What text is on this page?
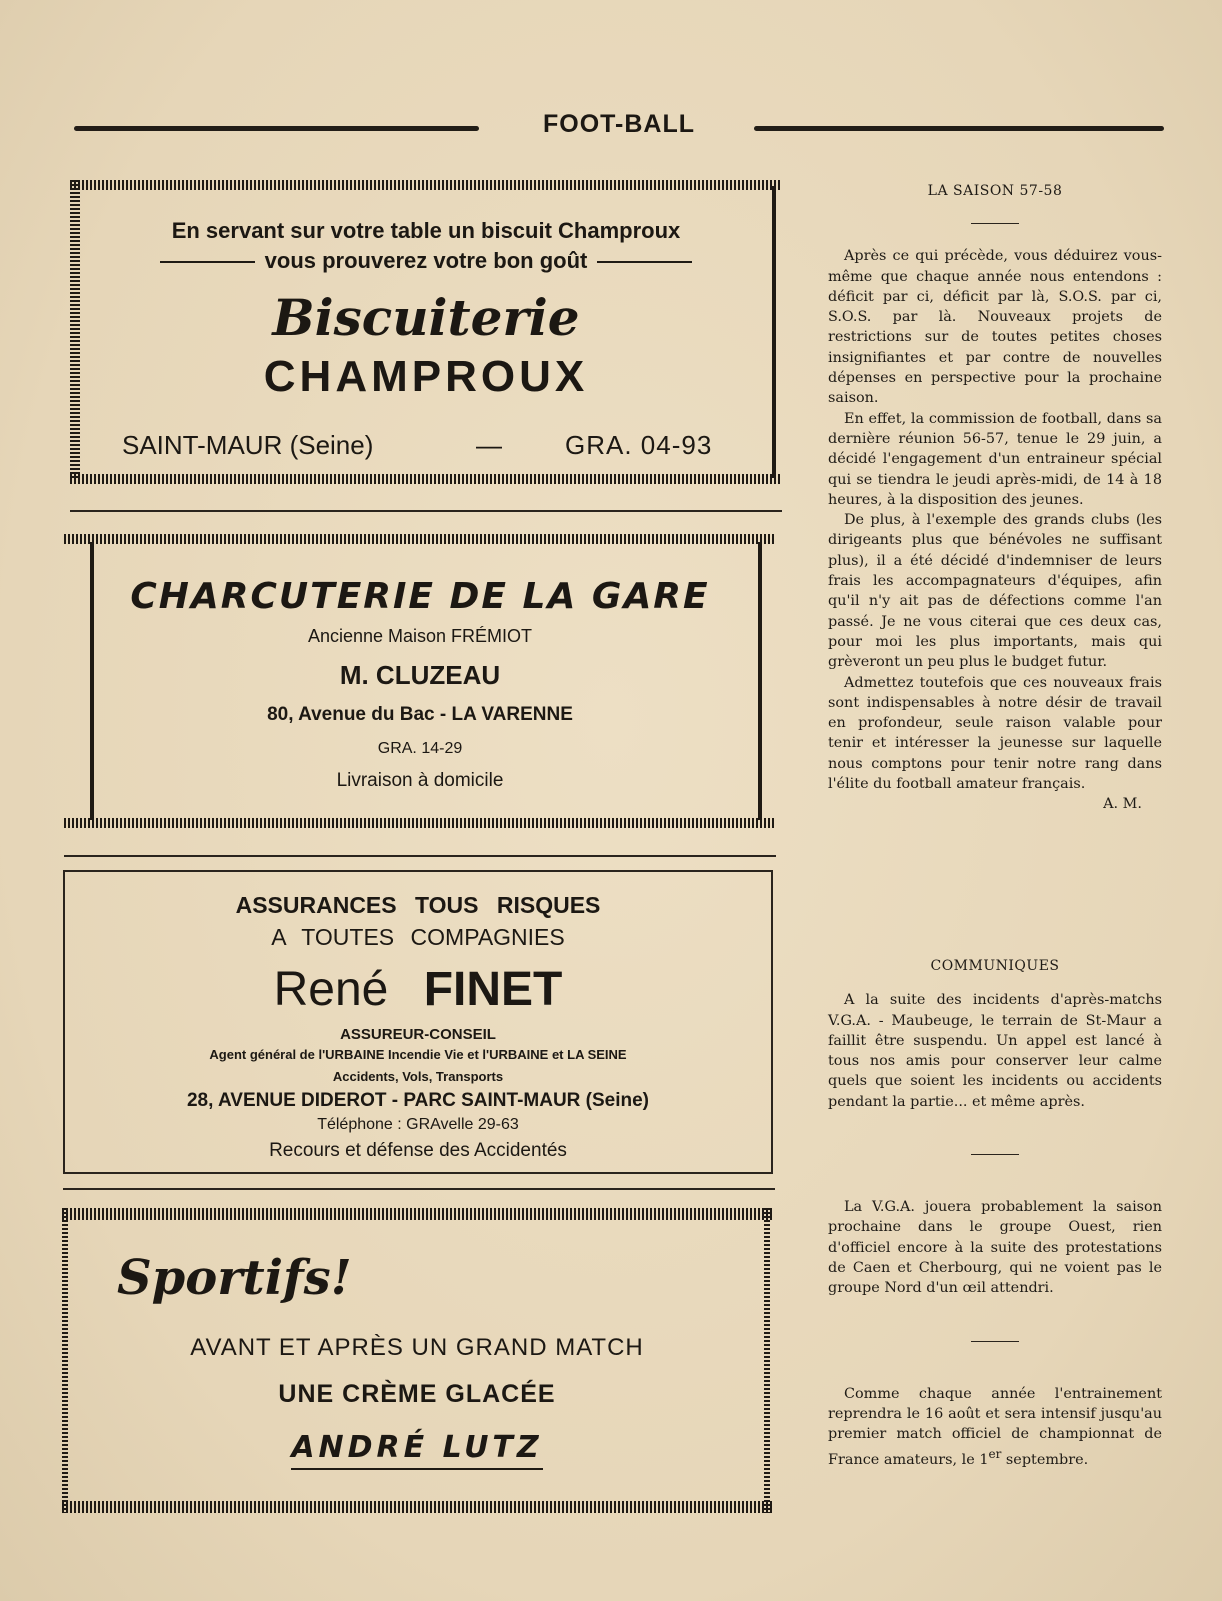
FOOT-BALL
En servant sur votre table un biscuit Champroux
vous prouverez votre bon goût
Biscuiterie
CHAMPROUX
SAINT-MAUR (Seine)	— GRA. 04-93
CHARCUTERIE DE LA GARE
Ancienne Maison FRÉMIOT
M. CLUZEAU
80, Avenue du Bac - LA VARENNE
GRA. 14-29
Livraison à domicile
ASSURANCES TOUS RISQUES
A TOUTES COMPAGNIES
René FINET
ASSUREUR-CONSEIL
Agent général de l'URBAINE Incendie Vie et l'URBAINE et LA SEINE
Accidents, Vols, Transports
28, AVENUE DIDEROT - PARC SAINT-MAUR (Seine)
Téléphone : GRAvelle 29-63
Recours et défense des Accidentés
Sportifs!
AVANT ET APRÈS UN GRAND MATCH
UNE CRÈME GLACÉE
ANDRÉ LUTZ
LA SAISON 57-58

Après ce qui précède, vous déduirez vous-même que chaque année nous entendons : déficit par ci, déficit par là, S.O.S. par ci, S.O.S. par là. Nouveaux projets de restrictions sur de toutes petites choses insignifiantes et par contre de nouvelles dépenses en perspective pour la prochaine saison.

En effet, la commission de football, dans sa dernière réunion 56-57, tenue le 29 juin, a décidé l'engagement d'un entraineur spécial qui se tiendra le jeudi après-midi, de 14 à 18 heures, à la disposition des jeunes.

De plus, à l'exemple des grands clubs (les dirigeants plus que bénévoles ne suffisant plus), il a été décidé d'indemniser de leurs frais les accompagnateurs d'équipes, afin qu'il n'y ait pas de défections comme l'an passé. Je ne vous citerai que ces deux cas, pour moi les plus importants, mais qui grèveront un peu plus le budget futur.

Admettez toutefois que ces nouveaux frais sont indispensables à notre désir de travail en profondeur, seule raison valable pour tenir et intéresser la jeunesse sur laquelle nous comptons pour tenir notre rang dans l'élite du football amateur français.

A. M.
COMMUNIQUES

A la suite des incidents d'après-matchs V.G.A. - Maubeuge, le terrain de St-Maur a faillit être suspendu. Un appel est lancé à tous nos amis pour conserver leur calme quels que soient les incidents ou accidents pendant la partie... et même après.

La V.G.A. jouera probablement la saison prochaine dans le groupe Ouest, rien d'officiel encore à la suite des protestations de Caen et Cherbourg, qui ne voient pas le groupe Nord d'un œil attendri.

Comme chaque année l'entrainement reprendra le 16 août et sera intensif jusqu'au premier match officiel de championnat de France amateurs, le 1er septembre.
